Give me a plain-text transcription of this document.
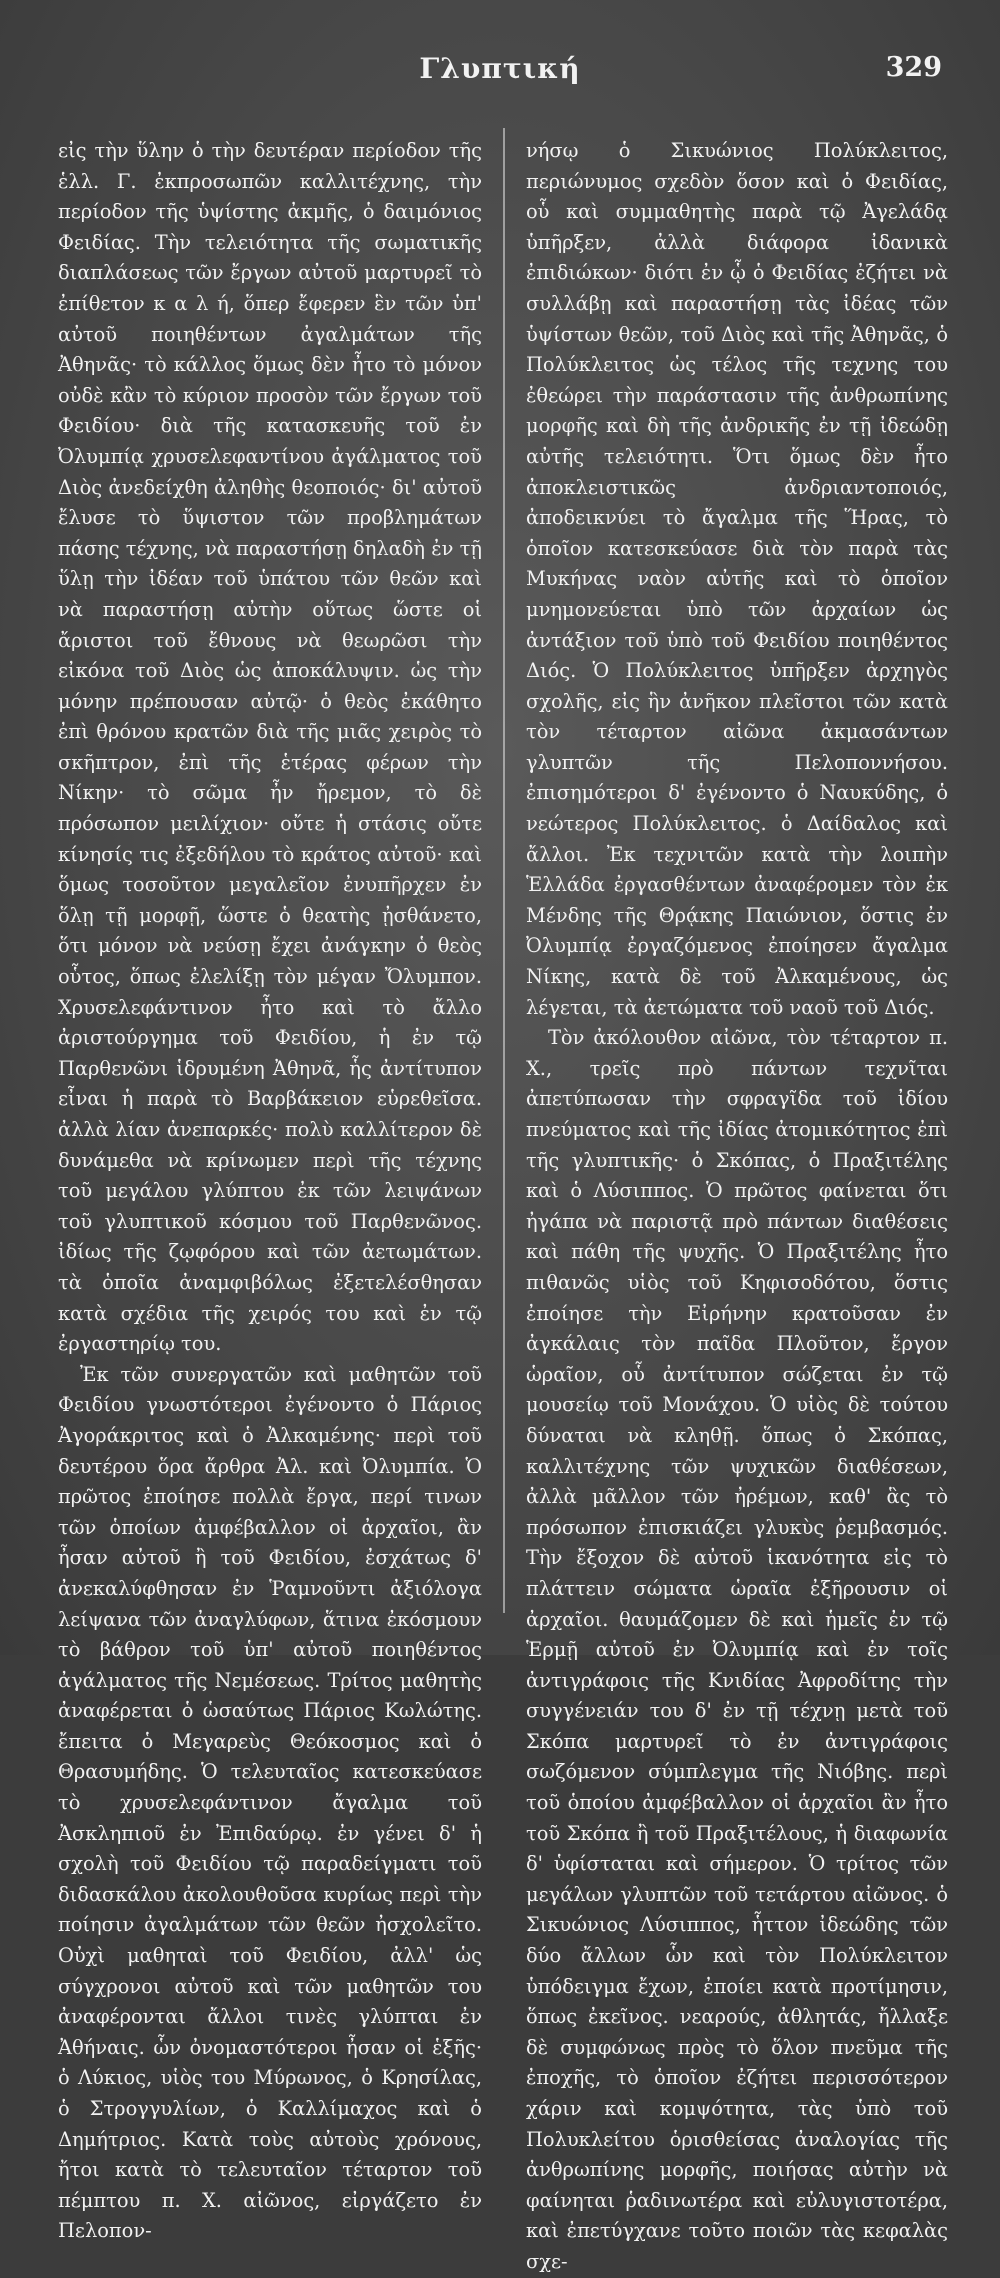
Γλυπτική	329

εἰς τὴν ὕλην ὁ τὴν δευτέραν περίοδον τῆς ἑλλ. Γ. ἐκπροσωπῶν καλλιτέχνης, τὴν περίοδον τῆς ὑψίστης ἀκμῆς, ὁ δαιμόνιος Φειδίας. Τὴν τελειότητα τῆς σωματικῆς διαπλάσεως τῶν ἔργων αὐτοῦ μαρτυρεῖ τὸ ἐπίθετον κ α λ ή, ὅπερ ἔφερεν ἓν τῶν ὑπ' αὐτοῦ ποιηθέντων ἀγαλμάτων τῆς Ἀθηνᾶς· τὸ κάλλος ὅμως δὲν ἦτο τὸ μόνον οὐδὲ κἂν τὸ κύριον προσὸν τῶν ἔργων τοῦ Φειδίου· διὰ τῆς κατασκευῆς τοῦ ἐν Ὀλυμπίᾳ χρυσελεφαντίνου ἀγάλματος τοῦ Διὸς ἀνεδείχθη ἀληθὴς θεοποιός· δι' αὐτοῦ ἔλυσε τὸ ὕψιστον τῶν προβλημάτων πάσης τέχνης, νὰ παραστήσῃ δηλαδὴ ἐν τῇ ὕλῃ τὴν ἰδέαν τοῦ ὑπάτου τῶν θεῶν καὶ νὰ παραστήσῃ αὐτὴν οὕτως ὥστε οἱ ἄριστοι τοῦ ἔθνους νὰ θεωρῶσι τὴν εἰκόνα τοῦ Διὸς ὡς ἀποκάλυψιν. ὡς τὴν μόνην πρέπουσαν αὐτῷ· ὁ θεὸς ἐκάθητο ἐπὶ θρόνου κρατῶν διὰ τῆς μιᾶς χειρὸς τὸ σκῆπτρον, ἐπὶ τῆς ἑτέρας φέρων τὴν Νίκην· τὸ σῶμα ἦν ἤρεμον, τὸ δὲ πρόσωπον μειλίχιον· οὔτε ἡ στάσις οὔτε κίνησίς τις ἐξεδήλου τὸ κράτος αὐτοῦ· καὶ ὅμως τοσοῦτον μεγαλεῖον ἐνυπῆρχεν ἐν ὅλῃ τῇ μορφῇ, ὥστε ὁ θεατὴς ᾐσθάνετο, ὅτι μόνον νὰ νεύσῃ ἔχει ἀνάγκην ὁ θεὸς οὗτος, ὅπως ἐλελίξῃ τὸν μέγαν Ὄλυμπον. Χρυσελεφάντινον ἦτο καὶ τὸ ἄλλο ἀριστούργημα τοῦ Φειδίου, ἡ ἐν τῷ Παρθενῶνι ἱδρυμένη Ἀθηνᾶ, ἧς ἀντίτυπον εἶναι ἡ παρὰ τὸ Βαρβάκειον εὑρεθεῖσα. ἀλλὰ λίαν ἀνεπαρκές· πολὺ καλλίτερον δὲ δυνάμεθα νὰ κρίνωμεν περὶ τῆς τέχνης τοῦ μεγάλου γλύπτου ἐκ τῶν λειψάνων τοῦ γλυπτικοῦ κόσμου τοῦ Παρθενῶνος. ἰδίως τῆς ζῳφόρου καὶ τῶν ἀετωμάτων. τὰ ὁποῖα ἀναμφιβόλως ἐξετελέσθησαν κατὰ σχέδια τῆς χειρός του καὶ ἐν τῷ ἐργαστηρίῳ του.

Ἐκ τῶν συνεργατῶν καὶ μαθητῶν τοῦ Φειδίου γνωστότεροι ἐγένοντο ὁ Πάριος Ἀγοράκριτος καὶ ὁ Ἀλκαμένης· περὶ τοῦ δευτέρου ὅρα ἄρθρα Ἀλ. καὶ Ὀλυμπία. Ὁ πρῶτος ἐποίησε πολλὰ ἔργα, περί τινων τῶν ὁποίων ἀμφέβαλλον οἱ ἀρχαῖοι, ἂν ἦσαν αὐτοῦ ἢ τοῦ Φειδίου, ἐσχάτως δ' ἀνεκαλύφθησαν ἐν Ῥαμνοῦντι ἀξιόλογα λείψανα τῶν ἀναγλύφων, ἅτινα ἐκόσμουν τὸ βάθρον τοῦ ὑπ' αὐτοῦ ποιηθέντος ἀγάλματος τῆς Νεμέσεως. Τρίτος μαθητὴς ἀναφέρεται ὁ ὡσαύτως Πάριος Κωλώτης. ἔπειτα ὁ Μεγαρεὺς Θεόκοσμος καὶ ὁ Θρασυμήδης. Ὁ τελευταῖος κατεσκεύασε τὸ χρυσελεφάντινον ἄγαλμα τοῦ Ἀσκληπιοῦ ἐν Ἐπιδαύρῳ. ἐν γένει δ' ἡ σχολὴ τοῦ Φειδίου τῷ παραδείγματι τοῦ διδασκάλου ἀκολουθοῦσα κυρίως περὶ τὴν ποίησιν ἀγαλμάτων τῶν θεῶν ἠσχολεῖτο. Οὐχὶ μαθηταὶ τοῦ Φειδίου, ἀλλ' ὡς σύγχρονοι αὐτοῦ καὶ τῶν μαθητῶν του ἀναφέρονται ἄλλοι τινὲς γλύπται ἐν Ἀθήναις. ὧν ὀνομαστότεροι ἦσαν οἱ ἑξῆς· ὁ Λύκιος, υἱὸς του Μύρωνος, ὁ Κρησίλας, ὁ Στρογγυλίων, ὁ Καλλίμαχος καὶ ὁ Δημήτριος. Κατὰ τοὺς αὐτοὺς χρόνους, ἤτοι κατὰ τὸ τελευταῖον τέταρτον τοῦ πέμπτου π. Χ. αἰῶνος, εἰργάζετο ἐν Πελοπον-

νήσῳ ὁ Σικυώνιος Πολύκλειτος, περιώνυμος σχεδὸν ὅσον καὶ ὁ Φειδίας, οὗ καὶ συμμαθητὴς παρὰ τῷ Ἀγελάδᾳ ὑπῆρξεν, ἀλλὰ διάφορα ἰδανικὰ ἐπιδιώκων· διότι ἐν ᾧ ὁ Φειδίας ἐζήτει νὰ συλλάβῃ καὶ παραστήσῃ τὰς ἰδέας τῶν ὑψίστων θεῶν, τοῦ Διὸς καὶ τῆς Ἀθηνᾶς, ὁ Πολύκλειτος ὡς τέλος τῆς τεχνης του ἐθεώρει τὴν παράστασιν τῆς ἀνθρωπίνης μορφῆς καὶ δὴ τῆς ἀνδρικῆς ἐν τῇ ἰδεώδῃ αὐτῆς τελειότητι. Ὅτι ὅμως δὲν ἦτο ἀποκλειστικῶς ἀνδριαντοποιός, ἀποδεικνύει τὸ ἄγαλμα τῆς Ἥρας, τὸ ὁποῖον κατεσκεύασε διὰ τὸν παρὰ τὰς Μυκήνας ναὸν αὐτῆς καὶ τὸ ὁποῖον μνημονεύεται ὑπὸ τῶν ἀρχαίων ὡς ἀντάξιον τοῦ ὑπὸ τοῦ Φειδίου ποιηθέντος Διός. Ὁ Πολύκλειτος ὑπῆρξεν ἀρχηγὸς σχολῆς, εἰς ἣν ἀνῆκον πλεῖστοι τῶν κατὰ τὸν τέταρτον αἰῶνα ἀκμασάντων γλυπτῶν τῆς Πελοποννήσου. ἐπισημότεροι δ' ἐγένοντο ὁ Ναυκύδης, ὁ νεώτερος Πολύκλειτος. ὁ Δαίδαλος καὶ ἄλλοι. Ἐκ τεχνιτῶν κατὰ τὴν λοιπὴν Ἑλλάδα ἐργασθέντων ἀναφέρομεν τὸν ἐκ Μένδης τῆς Θρᾴκης Παιώνιον, ὅστις ἐν Ὀλυμπίᾳ ἐργαζόμενος ἐποίησεν ἄγαλμα Νίκης, κατὰ δὲ τοῦ Ἀλκαμένους, ὡς λέγεται, τὰ ἀετώματα τοῦ ναοῦ τοῦ Διός.

Τὸν ἀκόλουθον αἰῶνα, τὸν τέταρτον π. Χ., τρεῖς πρὸ πάντων τεχνῖται ἀπετύπωσαν τὴν σφραγῖδα τοῦ ἰδίου πνεύματος καὶ τῆς ἰδίας ἀτομικότητος ἐπὶ τῆς γλυπτικῆς· ὁ Σκόπας, ὁ Πραξιτέλης καὶ ὁ Λύσιππος. Ὁ πρῶτος φαίνεται ὅτι ἠγάπα νὰ παριστᾷ πρὸ πάντων διαθέσεις καὶ πάθη τῆς ψυχῆς. Ὁ Πραξιτέλης ἦτο πιθανῶς υἱὸς τοῦ Κηφισοδότου, ὅστις ἐποίησε τὴν Εἰρήνην κρατοῦσαν ἐν ἀγκάλαις τὸν παῖδα Πλοῦτον, ἔργον ὡραῖον, οὗ ἀντίτυπον σώζεται ἐν τῷ μουσείῳ τοῦ Μονάχου. Ὁ υἱὸς δὲ τούτου δύναται νὰ κληθῇ. ὅπως ὁ Σκόπας, καλλιτέχνης τῶν ψυχικῶν διαθέσεων, ἀλλὰ μᾶλλον τῶν ἠρέμων, καθ' ἃς τὸ πρόσωπον ἐπισκιάζει γλυκὺς ῥεμβασμός. Τὴν ἔξοχον δὲ αὐτοῦ ἱκανότητα εἰς τὸ πλάττειν σώματα ὡραῖα ἐξῆρουσιν οἱ ἀρχαῖοι. θαυμάζομεν δὲ καὶ ἡμεῖς ἐν τῷ Ἑρμῇ αὐτοῦ ἐν Ὀλυμπίᾳ καὶ ἐν τοῖς ἀντιγράφοις τῆς Κνιδίας Ἀφροδίτης τὴν συγγένειάν του δ' ἐν τῇ τέχνῃ μετὰ τοῦ Σκόπα μαρτυρεῖ τὸ ἐν ἀντιγράφοις σωζόμενον σύμπλεγμα τῆς Νιόβης. περὶ τοῦ ὁποίου ἀμφέβαλλον οἱ ἀρχαῖοι ἂν ἦτο τοῦ Σκόπα ἢ τοῦ Πραξιτέλους, ἡ διαφωνία δ' ὑφίσταται καὶ σήμερον. Ὁ τρίτος τῶν μεγάλων γλυπτῶν τοῦ τετάρτου αἰῶνος. ὁ Σικυώνιος Λύσιππος, ἧττον ἰδεώδης τῶν δύο ἄλλων ὧν καὶ τὸν Πολύκλειτον ὑπόδειγμα ἔχων, ἐποίει κατὰ προτίμησιν, ὅπως ἐκεῖνος. νεαρούς, ἀθλητάς, ἤλλαξε δὲ συμφώνως πρὸς τὸ ὅλον πνεῦμα τῆς ἐποχῆς, τὸ ὁποῖον ἐζήτει περισσότερον χάριν καὶ κομψότητα, τὰς ὑπὸ τοῦ Πολυκλείτου ὁρισθείσας ἀναλογίας τῆς ἀνθρωπίνης μορφῆς, ποιήσας αὐτὴν νὰ φαίνηται ῥαδινωτέρα καὶ εὐλυγιστοτέρα, καὶ ἐπετύγχανε τοῦτο ποιῶν τὰς κεφαλὰς σχε-
